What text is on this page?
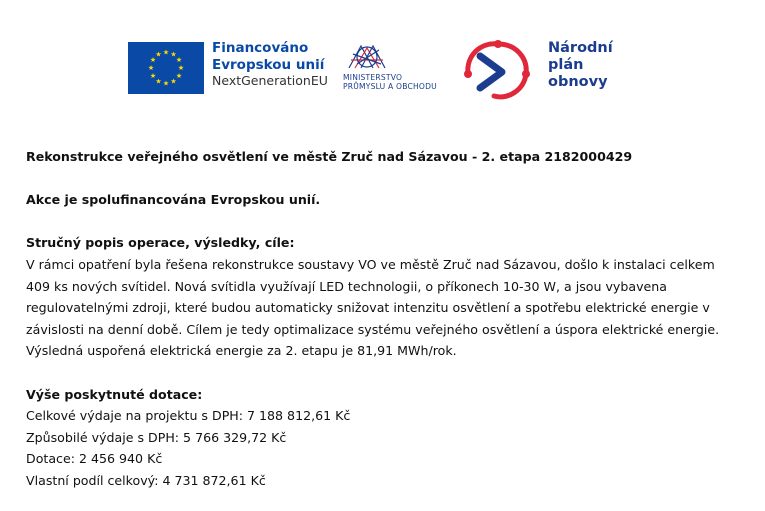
★ ★
★
★
★
★
★
★
★
★
★
★	Financováno
Evropskou unií
NextGenerationEU MINISTERSTVO
PRŮMYSLU A OBCHODU
Národní
plán
obnovy

Rekonstrukce veřejného osvětlení ve městě Zruč nad Sázavou - 2. etapa 2182000429

Akce je spolufinancována Evropskou unií.

Stručný popis operace, výsledky, cíle:

V rámci opatření byla řešena rekonstrukce soustavy VO ve městě Zruč nad Sázavou, došlo k instalaci celkem

409 ks nových svítidel. Nová svítidla využívají LED technologii, o příkonech 10-30 W, a jsou vybavena

regulovatelnými zdroji, které budou automaticky snižovat intenzitu osvětlení a spotřebu elektrické energie v

závislosti na denní době. Cílem je tedy optimalizace systému veřejného osvětlení a úspora elektrické energie.

Výsledná uspořená elektrická energie za 2. etapu je 81,91 MWh/rok.

Výše poskytnuté dotace:

Celkové výdaje na projektu s DPH: 7 188 812,61 Kč

Způsobilé výdaje s DPH: 5 766 329,72 Kč

Dotace: 2 456 940 Kč

Vlastní podíl celkový: 4 731 872,61 Kč
